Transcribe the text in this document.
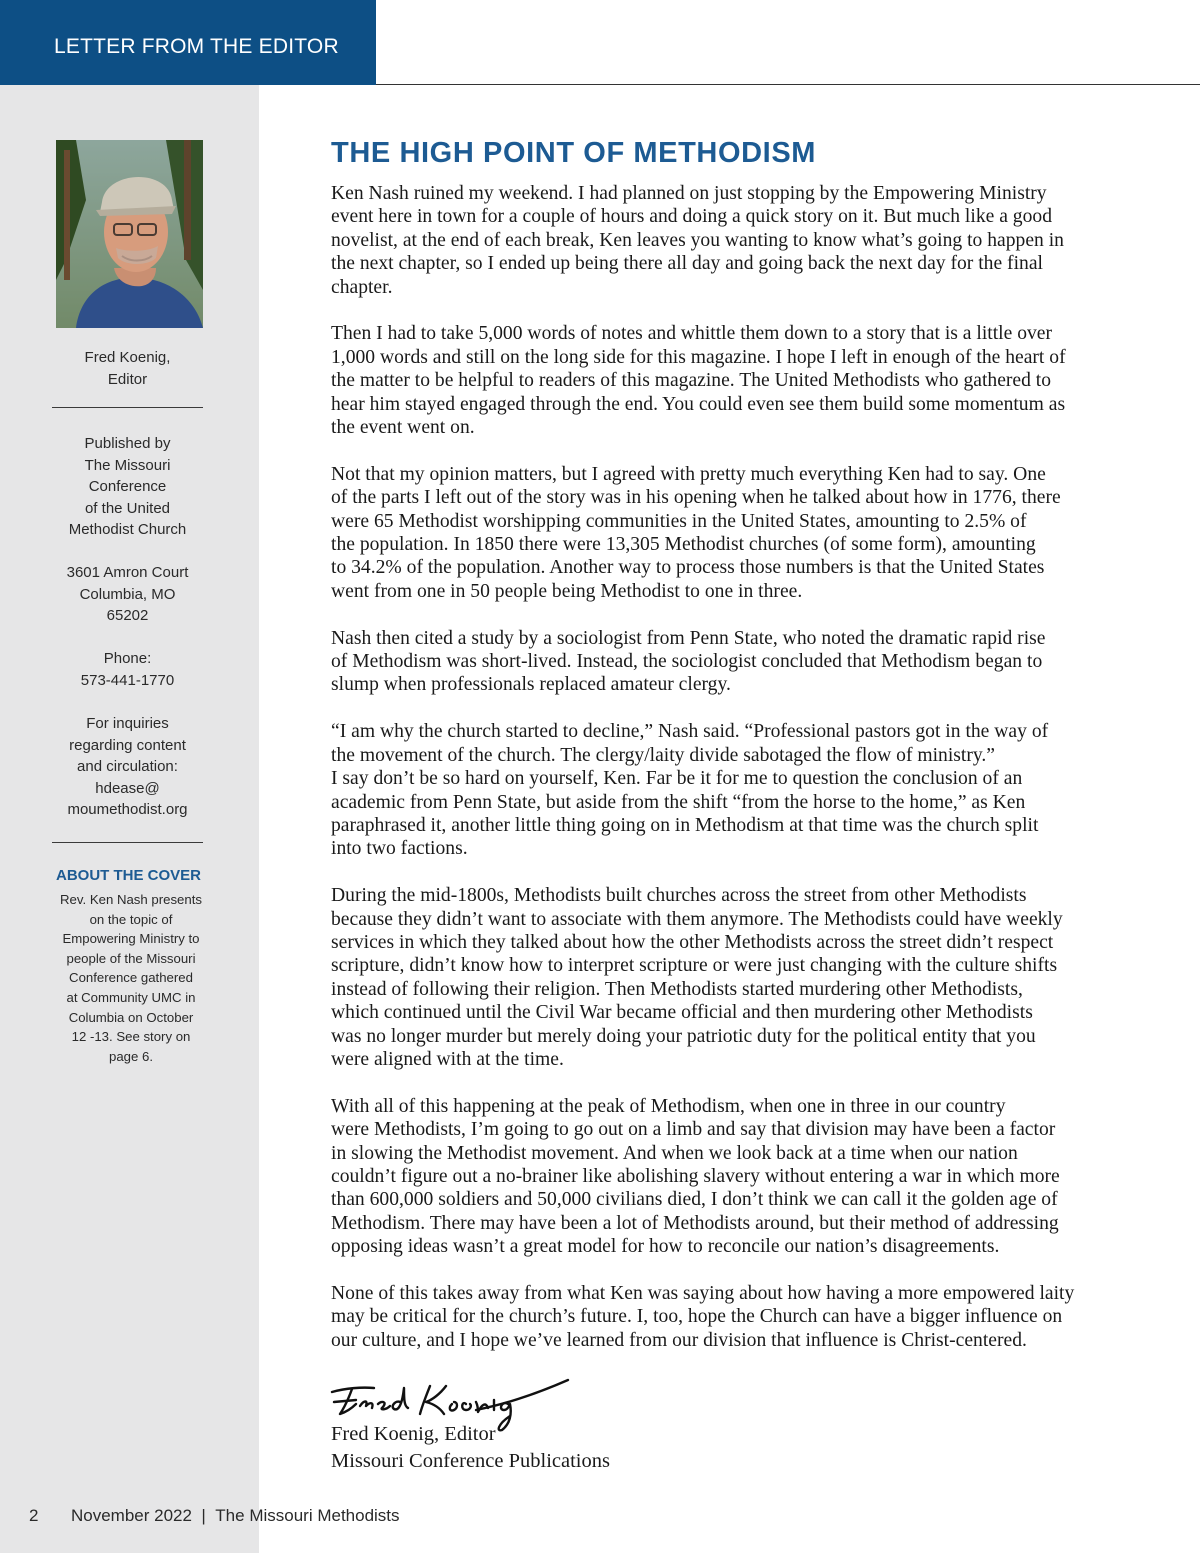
LETTER FROM THE EDITOR
Fred Koenig,
Editor
Published by
The Missouri
Conference
of the United
Methodist Church
3601 Amron Court
Columbia, MO
65202
Phone:
573-441-1770
For inquiries
regarding content
and circulation:
hdease@
moumethodist.org
ABOUT THE COVER
Rev. Ken Nash presents
on the topic of
Empowering Ministry to
people of the Missouri
Conference gathered
at Community UMC in
Columbia on October
12 -13. See story on
page 6.
THE HIGH POINT OF METHODISM

Ken Nash ruined my weekend. I had planned on just stopping by the Empowering Ministry
event here in town for a couple of hours and doing a quick story on it. But much like a good
novelist, at the end of each break, Ken leaves you wanting to know what’s going to happen in
the next chapter, so I ended up being there all day and going back the next day for the final
chapter.

Then I had to take 5,000 words of notes and whittle them down to a story that is a little over
1,000 words and still on the long side for this magazine. I hope I left in enough of the heart of
the matter to be helpful to readers of this magazine. The United Methodists who gathered to
hear him stayed engaged through the end. You could even see them build some momentum as
the event went on.

Not that my opinion matters, but I agreed with pretty much everything Ken had to say. One
of the parts I left out of the story was in his opening when he talked about how in 1776, there
were 65 Methodist worshipping communities in the United States, amounting to 2.5% of
the population. In 1850 there were 13,305 Methodist churches (of some form), amounting
to 34.2% of the population. Another way to process those numbers is that the United States
went from one in 50 people being Methodist to one in three.

Nash then cited a study by a sociologist from Penn State, who noted the dramatic rapid rise
of Methodism was short-lived. Instead, the sociologist concluded that Methodism began to
slump when professionals replaced amateur clergy.

“I am why the church started to decline,” Nash said. “Professional pastors got in the way of
the movement of the church. The clergy/laity divide sabotaged the flow of ministry.”
I say don’t be so hard on yourself, Ken. Far be it for me to question the conclusion of an
academic from Penn State, but aside from the shift “from the horse to the home,” as Ken
paraphrased it, another little thing going on in Methodism at that time was the church split
into two factions.

During the mid-1800s, Methodists built churches across the street from other Methodists
because they didn’t want to associate with them anymore. The Methodists could have weekly
services in which they talked about how the other Methodists across the street didn’t respect
scripture, didn’t know how to interpret scripture or were just changing with the culture shifts
instead of following their religion. Then Methodists started murdering other Methodists,
which continued until the Civil War became official and then murdering other Methodists
was no longer murder but merely doing your patriotic duty for the political entity that you
were aligned with at the time.

With all of this happening at the peak of Methodism, when one in three in our country
were Methodists, I’m going to go out on a limb and say that division may have been a factor
in slowing the Methodist movement. And when we look back at a time when our nation
couldn’t figure out a no-brainer like abolishing slavery without entering a war in which more
than 600,000 soldiers and 50,000 civilians died, I don’t think we can call it the golden age of
Methodism. There may have been a lot of Methodists around, but their method of addressing
opposing ideas wasn’t a great model for how to reconcile our nation’s disagreements.

None of this takes away from what Ken was saying about how having a more empowered laity
may be critical for the church’s future. I, too, hope the Church can have a bigger influence on
our culture, and I hope we’ve learned from our division that influence is Christ-centered.

Fred Koenig, Editor
Missouri Conference Publications
2 November 2022 | The Missouri Methodists
